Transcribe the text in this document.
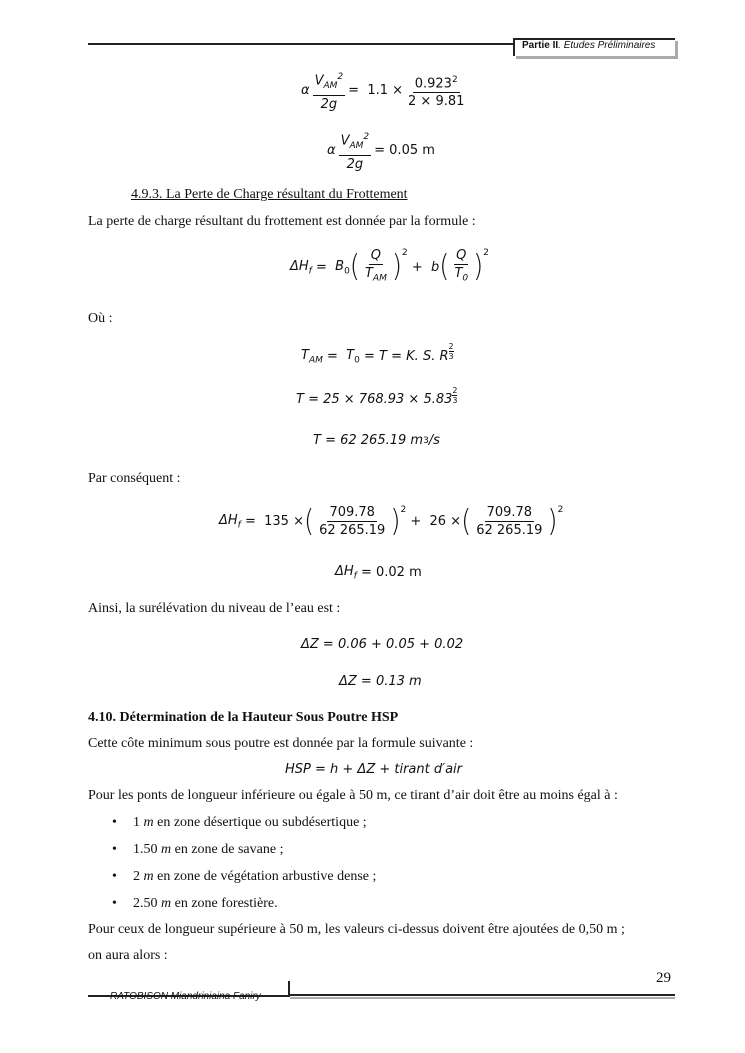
Partie II. Études Préliminaires
α $\frac{V_{AM}^2}{2g} = 1.1 \times \frac{0.923^2}{2 \times 9.81}$
α $\frac{V_{AM}^2}{2g} = 0.05$ m
4.9.3. La Perte de Charge résultant du Frottement
La perte de charge résultant du frottement est donnée par la formule :
$\Delta H_f = B_0$ ( $\frac{Q}{T_{AM}} )^2$
+ b ( $\frac{Q}{T_0} )^2$
Où :
$T_{AM} = T_0 = T = K$. S. R $^{\frac{2}{3}}$
T = 25 × 768.93 × 5.83 $^{\frac{2}{3}}$
T = 62 265.19 m 3 /s
Par conséquent :
$\Delta H_f = 135$ × ( $\frac{709.78}{62 265.19} )^2$
+ 26 × ( $\frac{709.78}{62 265.19} )^2$
$\Delta H_f$
= 0.02 m
Ainsi, la surélévation du niveau de l’eau est :
ΔZ = 0.06 + 0.05 + 0.02
ΔZ = 0.13 m
4.10. Détermination de la Hauteur Sous Poutre HSP
Cette côte minimum sous poutre est donnée par la formule suivante :
HSP = h + ΔZ + tirant d′air
Pour les ponts de longueur inférieure ou égale à 50 m, ce tirant d’air doit être au moins égal à :
• 1 m en zone désertique ou subdésertique ;
• 1.50 m en zone de savane ;
• 2 m en zone de végétation arbustive dense ;
• 2.50 m en zone forestière.
Pour ceux de longueur supérieure à 50 m, les valeurs ci-dessus doivent être ajoutées de 0,50 m ;
on aura alors :
29
RATOBISON Miandriniaina Faniry
